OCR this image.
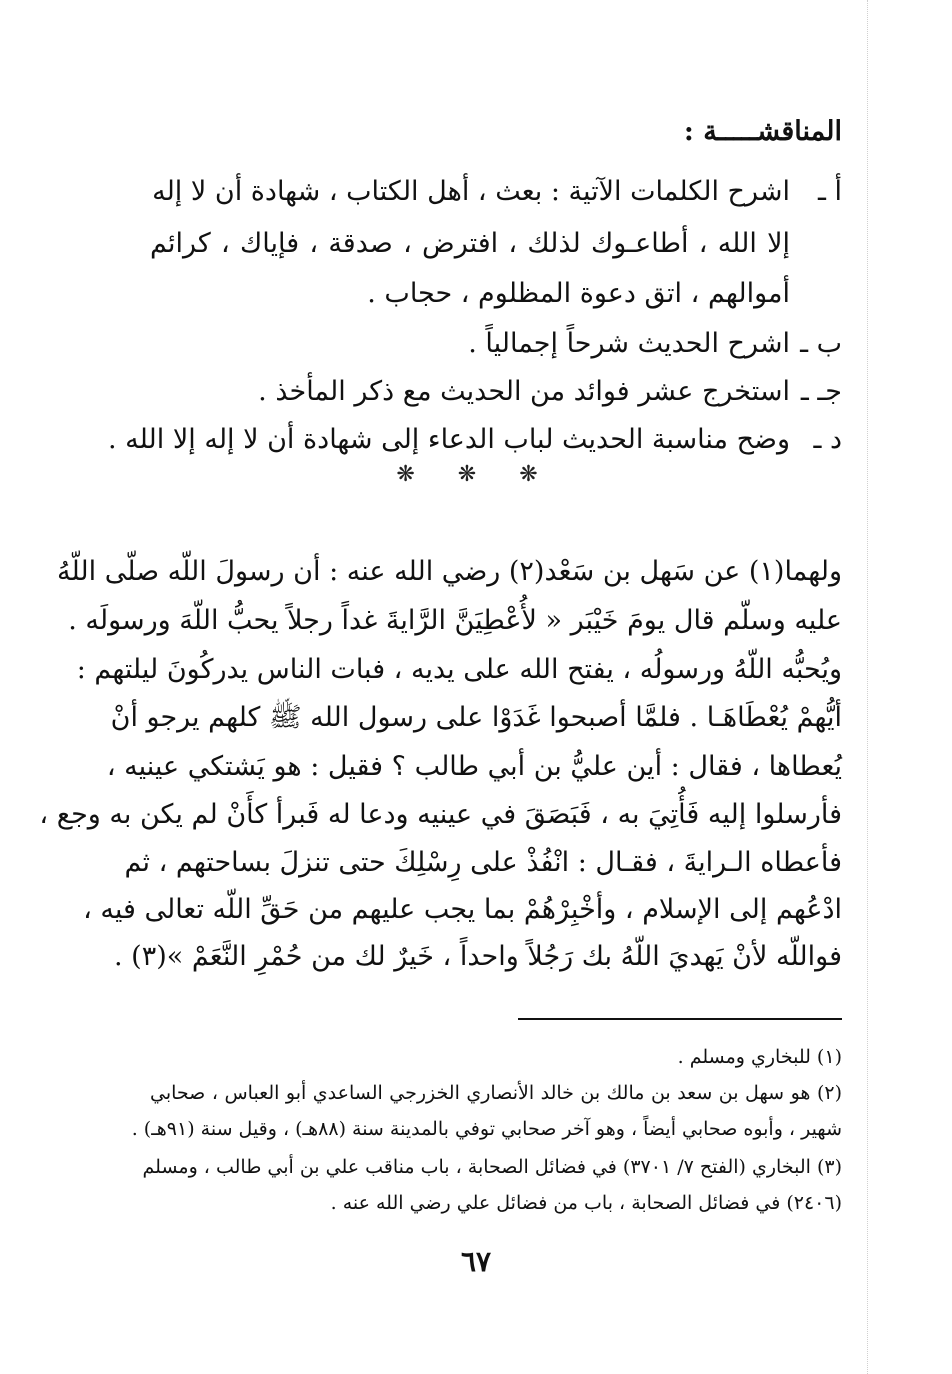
المناقشـــــة :
أ ـاشرح الكلمات الآتية : بعث ، أهل الكتاب ، شهادة أن لا إله
إلا الله ، أطاعـوك لذلك ، افترض ، صدقة ، فإياك ، كرائم
أموالهم ، اتق دعوة المظلوم ، حجاب .
ب ـاشرح الحديث شرحاً إجمالياً .
جـ ـاستخرج عشر فوائد من الحديث مع ذكر المأخذ .
د ـوضح مناسبة الحديث لباب الدعاء إلى شهادة أن لا إله إلا الله .
❋ ❋ ❋
ولهما(١) عن سَهل بن سَعْد(٢) رضي الله عنه : أن رسولَ اللّه صلّى اللّهُ
عليه وسلّم قال يومَ خَيْبَر « لأُعْطِيَنَّ الرَّايةَ غداً رجلاً يحبُّ اللّهَ ورسولَه .
ويُحبُّه اللّهُ ورسولُه ، يفتح الله على يديه ، فبات الناس يدركُونَ ليلتهم :
أيُّهمْ يُعْطَاهَـا . فلمَّا أصبحوا غَدَوْا على رسول الله ﷺ كلهم يرجو أنْ
يُعطاها ، فقال : أين عليُّ بن أبي طالب ؟ فقيل : هو يَشتكي عينيه ،
فأرسلوا إليه فَأُتِيَ به ، فَبَصَقَ في عينيه ودعا له فَبرأ كأَنْ لم يكن به وجع ،
فأعطاه الـرايةَ ، فقـال : انْفُذْ على رِسْلِكَ حتى تنزلَ بساحتهم ، ثم
ادْعُهم إلى الإسلام ، وأخْبِرْهُمْ بما يجب عليهم من حَقِّ اللّه تعالى فيه ،
فواللّه لأنْ يَهديَ اللّهُ بك رَجُلاً واحداً ، خَيرٌ لك من حُمْرِ النَّعَمْ »(٣) .
(١) للبخاري ومسلم .
(٢) هو سهل بن سعد بن مالك بن خالد الأنصاري الخزرجي الساعدي أبو العباس ، صحابي
شهير ، وأبوه صحابي أيضاً ، وهو آخر صحابي توفي بالمدينة سنة (٨٨هـ) ، وقيل سنة (٩١هـ) .
(٣) البخاري (الفتح ٧/ ٣٧٠١) في فضائل الصحابة ، باب مناقب علي بن أبي طالب ، ومسلم
(٢٤٠٦) في فضائل الصحابة ، باب من فضائل علي رضي الله عنه .
٦٧
